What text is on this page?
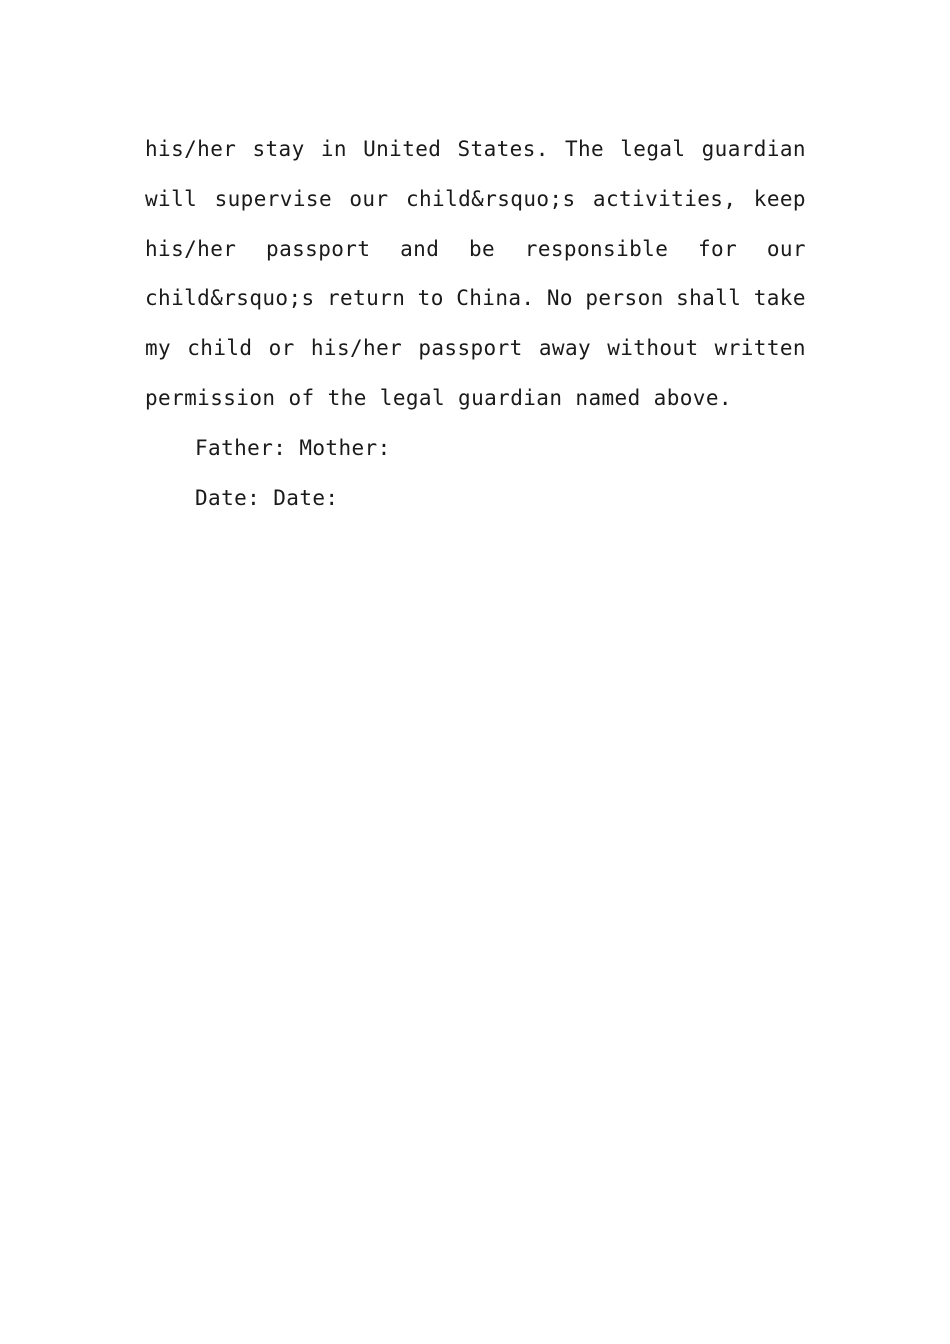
his/her stay in United States. The legal guardian
will supervise our child&rsquo;s activities, keep
his/her passport and be responsible for our
child&rsquo;s return to China. No person shall take
my child or his/her passport away without written
permission of the legal guardian named above.
Father: Mother:
Date: Date:
